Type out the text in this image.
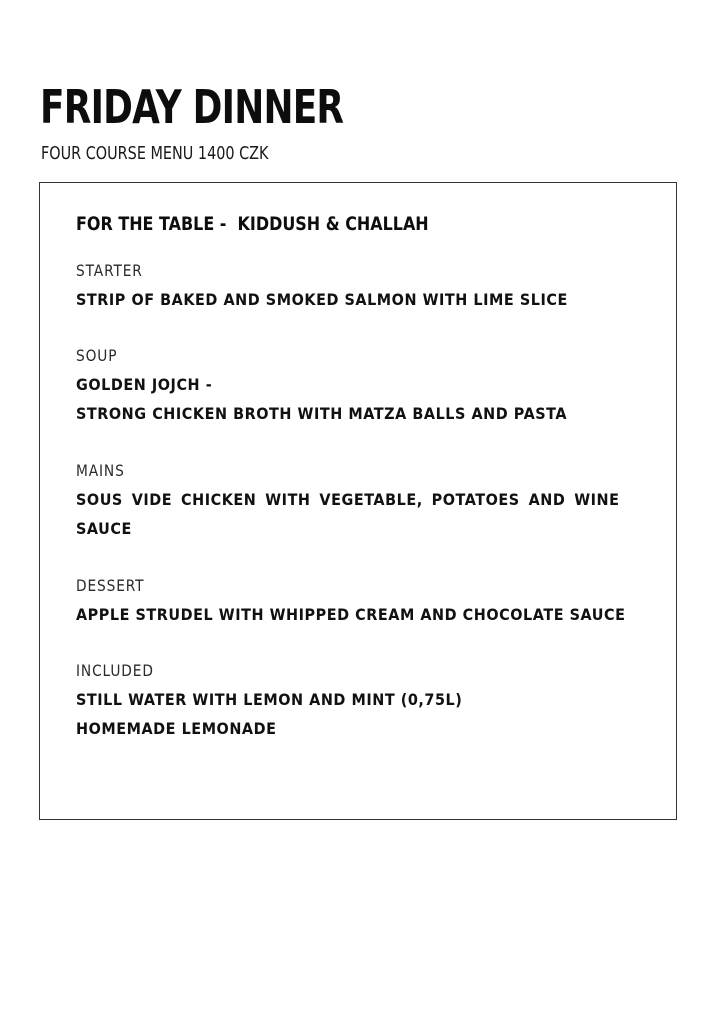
FRIDAY DINNER

FOUR COURSE MENU 1400 CZK

FOR THE TABLE -  KIDDUSH & CHALLAH
STARTER
STRIP OF BAKED AND SMOKED SALMON WITH LIME SLICE
SOUP
GOLDEN JOJCH -
STRONG CHICKEN BROTH WITH MATZA BALLS AND PASTA
MAINS
SOUS VIDE CHICKEN WITH VEGETABLE, POTATOES AND WINE
SAUCE
DESSERT
APPLE STRUDEL WITH WHIPPED CREAM AND CHOCOLATE SAUCE
INCLUDED
STILL WATER WITH LEMON AND MINT (0,75L)
HOMEMADE LEMONADE
